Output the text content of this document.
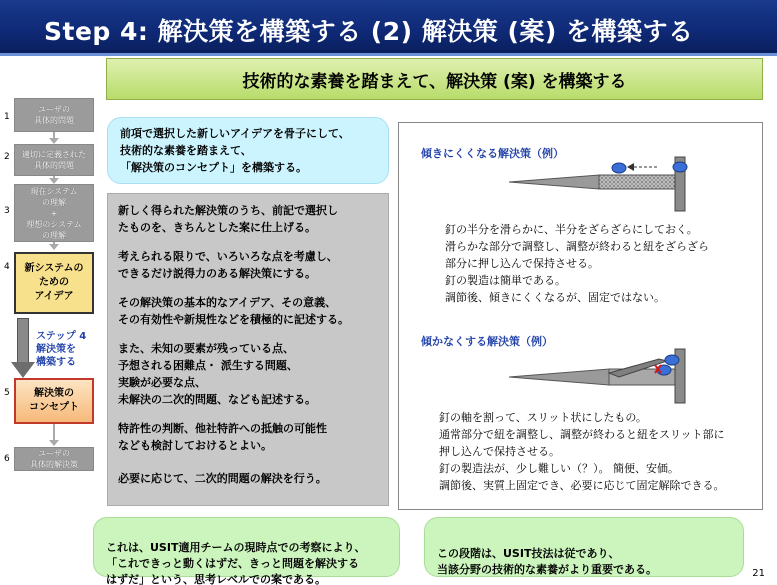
Step 4: 解決策を構築する (2) 解決策 (案) を構築する
技術的な素養を踏まえて、解決策 (案) を構築する
1
ユーザの
具体的問題
2 適切に定義された
具体的問題
3
現在システム
の理解
+
理想のシステム
の理解
4 新システムの
ための
アイデア
ステップ 4
解決策を
構築する
5	解決策の
コンセプト
6
ユーザの
具体的解決策
前項で選択した新しいアイデアを骨子にして、
技術的な素養を踏まえて、
「解決策のコンセプト」を構築する。

新しく得られた解決策のうち、前記で選択し
たものを、きちんとした案に仕上げる。

考えられる限りで、いろいろな点を考慮し、
できるだけ説得力のある解決策にする。

その解決策の基本的なアイデア、その意義、
その有効性や新規性などを積極的に記述する。

また、未知の要素が残っている点、
予想される困難点・ 派生する問題、
実験が必要な点、
未解決の二次的問題、なども記述する。

特許性の判断、他社特許への抵触の可能性
なども検討しておけるとよい。

必要に応じて、二次的問題の解決を行う。

傾きにくくなる解決策（例）
釘の半分を滑らかに、半分をざらざらにしておく。
滑らかな部分で調整し、調整が終わると紐をざらざら
部分に押し込んで保持させる。
釘の製造は簡単である。
調節後、傾きにくくなるが、固定ではない。
傾かなくする解決策（例）
釘の軸を割って、スリット状にしたもの。
通常部分で紐を調整し、調整が終わると紐をスリット部に
押し込んで保持させる。
釘の製造法が、少し難しい（？）。 簡便、安価。
調節後、実質上固定でき、必要に応じて固定解除できる。

これは、USIT適用チームの現時点での考察により、
「これできっと動くはずだ、きっと問題を解決する
はずだ」という、思考レベルでの案である。

この段階は、USIT技法は従であり、
当該分野の技術的な素養がより重要である。	21
